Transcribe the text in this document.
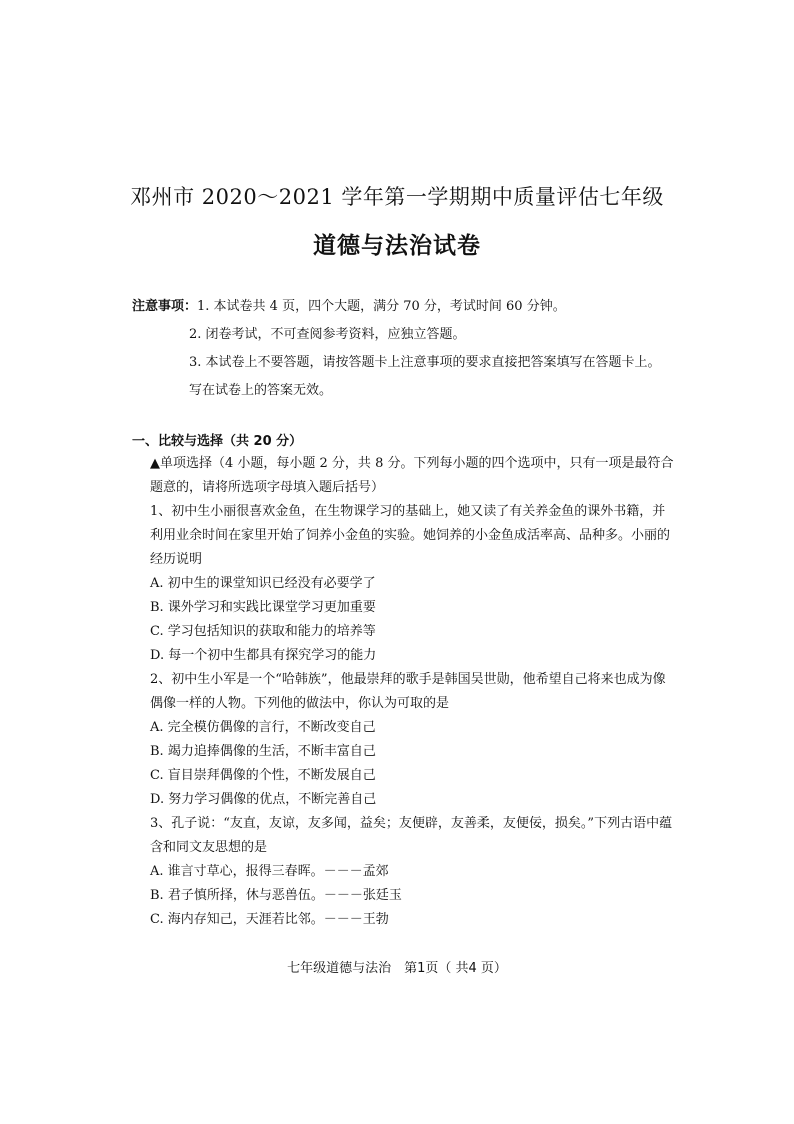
邓州市 2020～2021 学年第一学期期中质量评估七年级
道德与法治试卷
注意事项：1. 本试卷共 4 页，四个大题，满分 70 分，考试时间 60 分钟。
2. 闭卷考试，不可查阅参考资料，应独立答题。
3. 本试卷上不要答题，请按答题卡上注意事项的要求直接把答案填写在答题卡上。写在试卷上的答案无效。
一、比较与选择（共 20 分）
▲单项选择（4 小题，每小题 2 分，共 8 分。下列每小题的四个选项中，只有一项是最符合题意的，请将所选项字母填入题后括号）
1、初中生小丽很喜欢金鱼，在生物课学习的基础上，她又读了有关养金鱼的课外书籍，并利用业余时间在家里开始了饲养小金鱼的实验。她饲养的小金鱼成活率高、品种多。小丽的经历说明
A. 初中生的课堂知识已经没有必要学了
B. 课外学习和实践比课堂学习更加重要
C. 学习包括知识的获取和能力的培养等
D. 每一个初中生都具有探究学习的能力
2、初中生小军是一个“哈韩族”，他最崇拜的歌手是韩国吴世勋，他希望自己将来也成为像偶像一样的人物。下列他的做法中，你认为可取的是
A. 完全模仿偶像的言行，不断改变自己
B. 竭力追捧偶像的生活，不断丰富自己
C. 盲目崇拜偶像的个性，不断发展自己
D. 努力学习偶像的优点，不断完善自己
3、孔子说：“友直，友谅，友多闻，益矣；友便辟，友善柔，友便佞，损矣。”下列古语中蕴含和同文友思想的是
A. 谁言寸草心，报得三春晖。－－－孟郊
B. 君子慎所择，休与恶兽伍。－－－张廷玉
C. 海内存知己，天涯若比邻。－－－王勃
七年级道德与法治　第1页（ 共4 页）
